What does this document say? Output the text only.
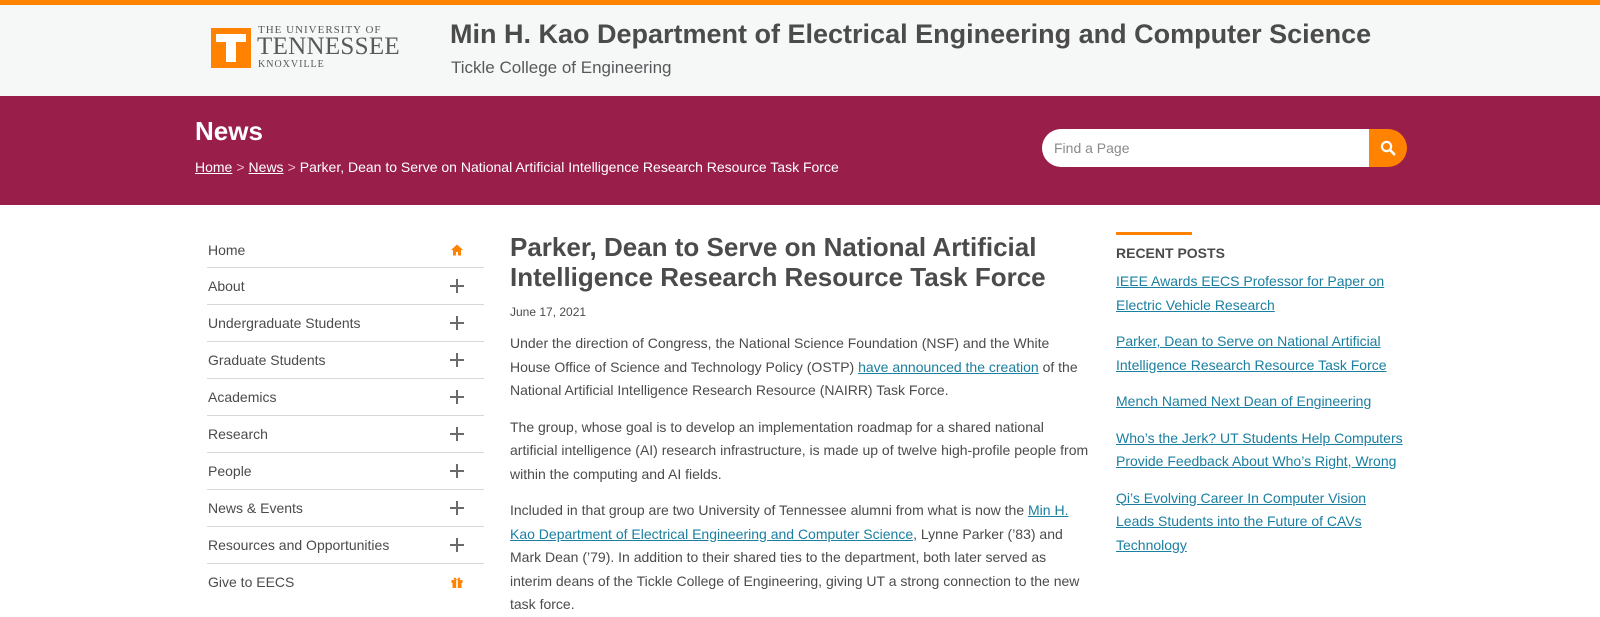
THE UNIVERSITY OF
TENNESSEE
KNOXVILLE
Min H. Kao Department of Electrical Engineering and Computer Science
Tickle College of Engineering
News
Home > News > Parker, Dean to Serve on National Artificial Intelligence Research Resource Task Force
Find a Page
Home
About
Undergraduate Students
Graduate Students
Academics
Research
People
News & Events
Resources and Opportunities
Give to EECS
Parker, Dean to Serve on National Artificial Intelligence Research Resource Task Force
June 17, 2021

Under the direction of Congress, the National Science Foundation (NSF) and the White House Office of Science and Technology Policy (OSTP) have announced the creation of the National Artificial Intelligence Research Resource (NAIRR) Task Force.

The group, whose goal is to develop an implementation roadmap for a shared national artificial intelligence (AI) research infrastructure, is made up of twelve high-profile people from within the computing and AI fields.

Included in that group are two University of Tennessee alumni from what is now the Min H. Kao Department of Electrical Engineering and Computer Science, Lynne Parker (’83) and Mark Dean (’79). In addition to their shared ties to the department, both later served as interim deans of the Tickle College of Engineering, giving UT a strong connection to the new task force.

RECENT POSTS
IEEE Awards EECS Professor for Paper on Electric Vehicle Research
Parker, Dean to Serve on National Artificial Intelligence Research Resource Task Force
Mench Named Next Dean of Engineering
Who’s the Jerk? UT Students Help Computers Provide Feedback About Who’s Right, Wrong
Qi’s Evolving Career In Computer Vision Leads Students into the Future of CAVs Technology
